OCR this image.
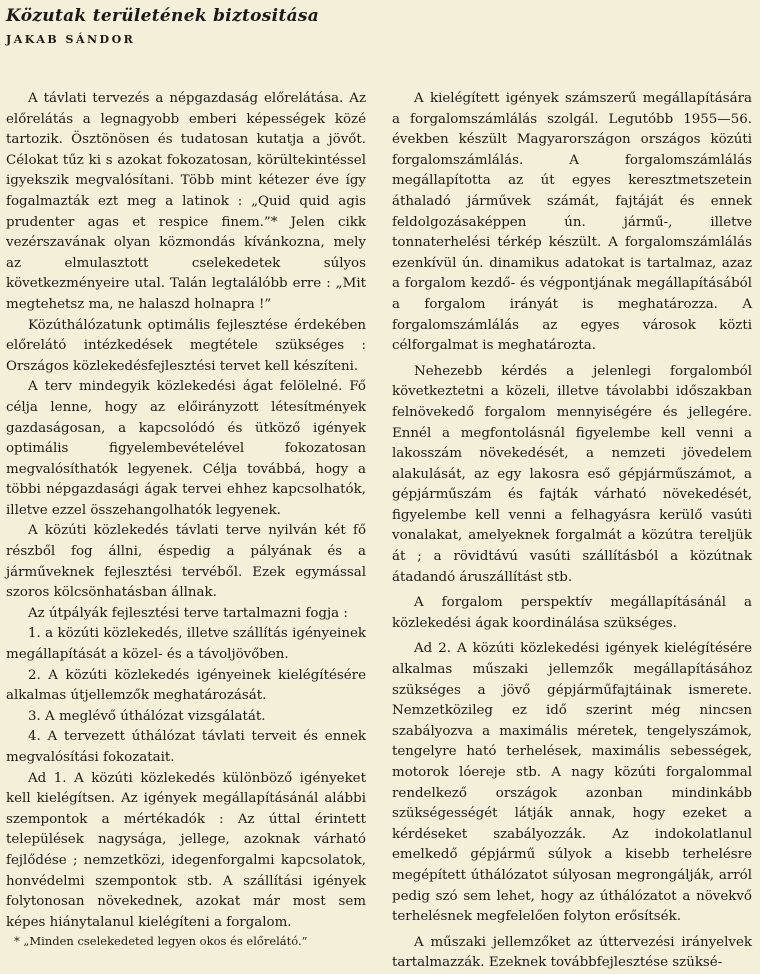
Közutak területének biztositása
JAKAB SÁNDOR

A távlati tervezés a népgazdaság előrelátása. Az előrelátás a legnagyobb emberi képességek közé tartozik. Ösztönösen és tudatosan kutatja a jövőt. Célokat tűz ki s azokat fokozatosan, körültekintéssel igyekszik megvalósítani. Több mint kétezer éve így fogalmazták ezt meg a latinok : „Quid quid agis prudenter agas et respice finem.”* Jelen cikk vezérszavának olyan közmondás kívánkozna, mely az elmulasztott cselekedetek súlyos következményeire utal. Talán legtalálóbb erre : „Mit megtehetsz ma, ne halaszd holnapra !”

Közúthálózatunk optimális fejlesztése érdekében előrelátó intézkedések megtétele szükséges : Országos közlekedésfejlesztési tervet kell készíteni.

A terv mindegyik közlekedési ágat felölelné. Fő célja lenne, hogy az előirányzott létesítmények gazdaságosan, a kapcsolódó és ütköző igények optimális figyelembevételével fokozatosan megvalósíthatók legyenek. Célja továbbá, hogy a többi népgazdasági ágak tervei ehhez kapcsolhatók, illetve ezzel összehangolhatók legyenek.

A közúti közlekedés távlati terve nyilván két fő részből fog állni, éspedig a pályának és a járműveknek fejlesztési tervéből. Ezek egymással szoros kölcsönhatásban állnak.

Az útpályák fejlesztési terve tartalmazni fogja :

1. a közúti közlekedés, illetve szállítás igényeinek megállapítását a közel- és a távoljövőben.

2. A közúti közlekedés igényeinek kielégítésére alkalmas útjellemzők meghatározását.

3. A meglévő úthálózat vizsgálatát.

4. A tervezett úthálózat távlati terveit és ennek megvalósítási fokozatait.

Ad 1. A közúti közlekedés különböző igényeket kell kielégítsen. Az igények megállapításánál alábbi szempontok a mértékadók : Az úttal érintett települések nagysága, jellege, azoknak várható fejlődése ; nemzetközi, idegenforgalmi kapcsolatok, honvédelmi szempontok stb. A szállítási igények folytonosan növekednek, azokat már most sem képes hiánytalanul kielégíteni a forgalom.

* „Minden cselekedeted legyen okos és előrelátó.”

A kielégített igények számszerű megállapítására a forgalomszámlálás szolgál. Legutóbb 1955—56. években készült Magyarországon országos közúti forgalomszámlálás. A forgalomszámlálás megállapította az út egyes keresztmetszetein áthaladó járművek számát, fajtáját és ennek feldolgozásaképpen ún. jármű-, illetve tonnaterhelési térkép készült. A forgalomszámlálás ezenkívül ún. dinamikus adatokat is tartalmaz, azaz a forgalom kezdő- és végpontjának megállapításából a forgalom irányát is meghatározza. A forgalomszámlálás az egyes városok közti célforgalmat is meghatározta.

Nehezebb kérdés a jelenlegi forgalomból következtetni a közeli, illetve távolabbi időszakban felnövekedő forgalom mennyiségére és jellegére. Ennél a megfontolásnál figyelembe kell venni a lakosszám növekedését, a nemzeti jövedelem alakulását, az egy lakosra eső gépjárműszámot, a gépjárműszám és fajták várható növekedését, figyelembe kell venni a felhagyásra kerülő vasúti vonalakat, amelyeknek forgalmát a közútra tereljük át ; a rövidtávú vasúti szállításból a közútnak átadandó áruszállítást stb.

A forgalom perspektív megállapításánál a közlekedési ágak koordinálása szükséges.

Ad 2. A közúti közlekedési igények kielégítésére alkalmas műszaki jellemzők megállapításához szükséges a jövő gépjárműfajtáinak ismerete. Nemzetközileg ez idő szerint még nincsen szabályozva a maximális méretek, tengelyszámok, tengelyre ható terhelések, maximális sebességek, motorok lóereje stb. A nagy közúti forgalommal rendelkező országok azonban mindinkább szükségességét látják annak, hogy ezeket a kérdéseket szabályozzák. Az indokolatlanul emelkedő gépjármű súlyok a kisebb terhelésre megépített úthálózatot súlyosan megrongálják, arról pedig szó sem lehet, hogy az úthálózatot a növekvő terhelésnek megfelelően folyton erősítsék.

A műszaki jellemzőket az úttervezési irányelvek tartalmazzák. Ezeknek továbbfejlesztése szüksé-
